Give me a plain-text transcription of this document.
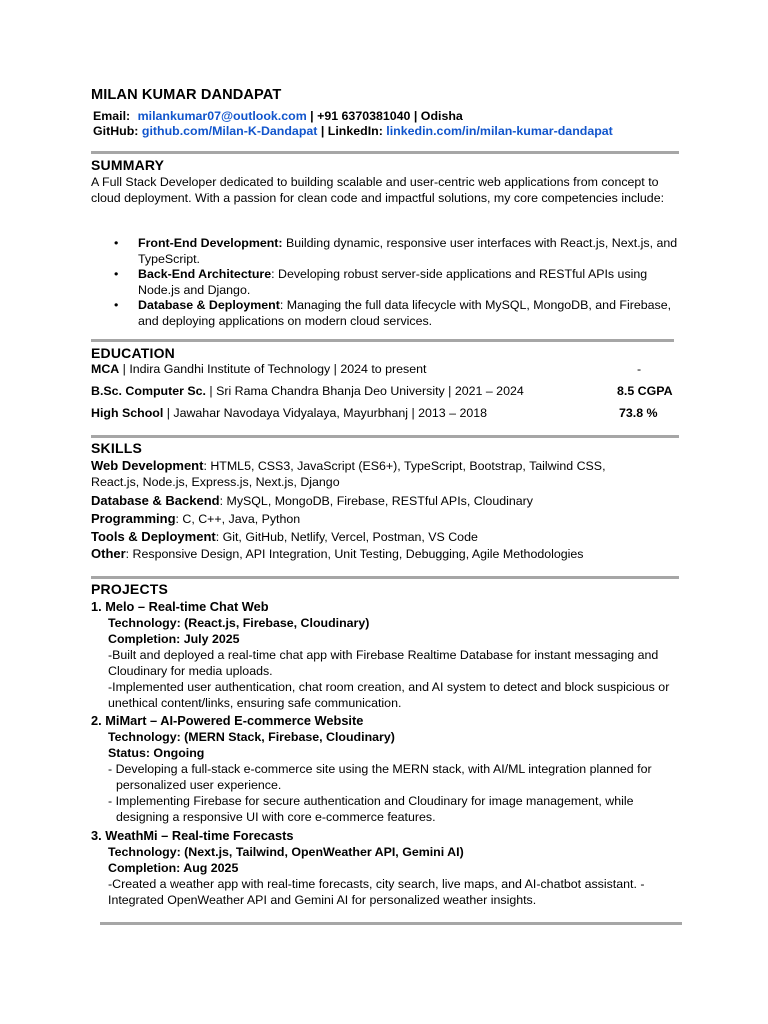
MILAN KUMAR DANDAPAT
Email: milankumar07@outlook.com | +91 6370381040 | Odisha
GitHub: github.com/Milan-K-Dandapat | LinkedIn: linkedin.com/in/milan-kumar-dandapat
SUMMARY
A Full Stack Developer dedicated to building scalable and user-centric web applications from concept to cloud deployment. With a passion for clean code and impactful solutions, my core competencies include:
• Front-End Development: Building dynamic, responsive user interfaces with React.js, Next.js, and TypeScript.
• Back-End Architecture: Developing robust server-side applications and RESTful APIs using Node.js and Django.
• Database & Deployment: Managing the full data lifecycle with MySQL, MongoDB, and Firebase, and deploying applications on modern cloud services.
EDUCATION
MCA | Indira Gandhi Institute of Technology | 2024 to present	-
B.Sc. Computer Sc. | Sri Rama Chandra Bhanja Deo University | 2021 – 2024	8.5 CGPA
High School | Jawahar Navodaya Vidyalaya, Mayurbhanj | 2013 – 2018	73.8 %
SKILLS
Web Development: HTML5, CSS3, JavaScript (ES6+), TypeScript, Bootstrap, Tailwind CSS, React.js, Node.js, Express.js, Next.js, Django
Database & Backend: MySQL, MongoDB, Firebase, RESTful APIs, Cloudinary
Programming: C, C++, Java, Python
Tools & Deployment: Git, GitHub, Netlify, Vercel, Postman, VS Code
Other: Responsive Design, API Integration, Unit Testing, Debugging, Agile Methodologies
PROJECTS
1. Melo – Real-time Chat Web
Technology: (React.js, Firebase, Cloudinary)
Completion: July 2025
-Built and deployed a real-time chat app with Firebase Realtime Database for instant messaging and Cloudinary for media uploads.
-Implemented user authentication, chat room creation, and AI system to detect and block suspicious or unethical content/links, ensuring safe communication.
2. MiMart – AI-Powered E-commerce Website
Technology: (MERN Stack, Firebase, Cloudinary)
Status: Ongoing
- Developing a full-stack e-commerce site using the MERN stack, with AI/ML integration planned for personalized user experience.
- Implementing Firebase for secure authentication and Cloudinary for image management, while designing a responsive UI with core e-commerce features.
3. WeathMi – Real-time Forecasts
Technology: (Next.js, Tailwind, OpenWeather API, Gemini AI)
Completion: Aug 2025
-Created a weather app with real-time forecasts, city search, live maps, and AI-chatbot assistant. - Integrated OpenWeather API and Gemini AI for personalized weather insights.
